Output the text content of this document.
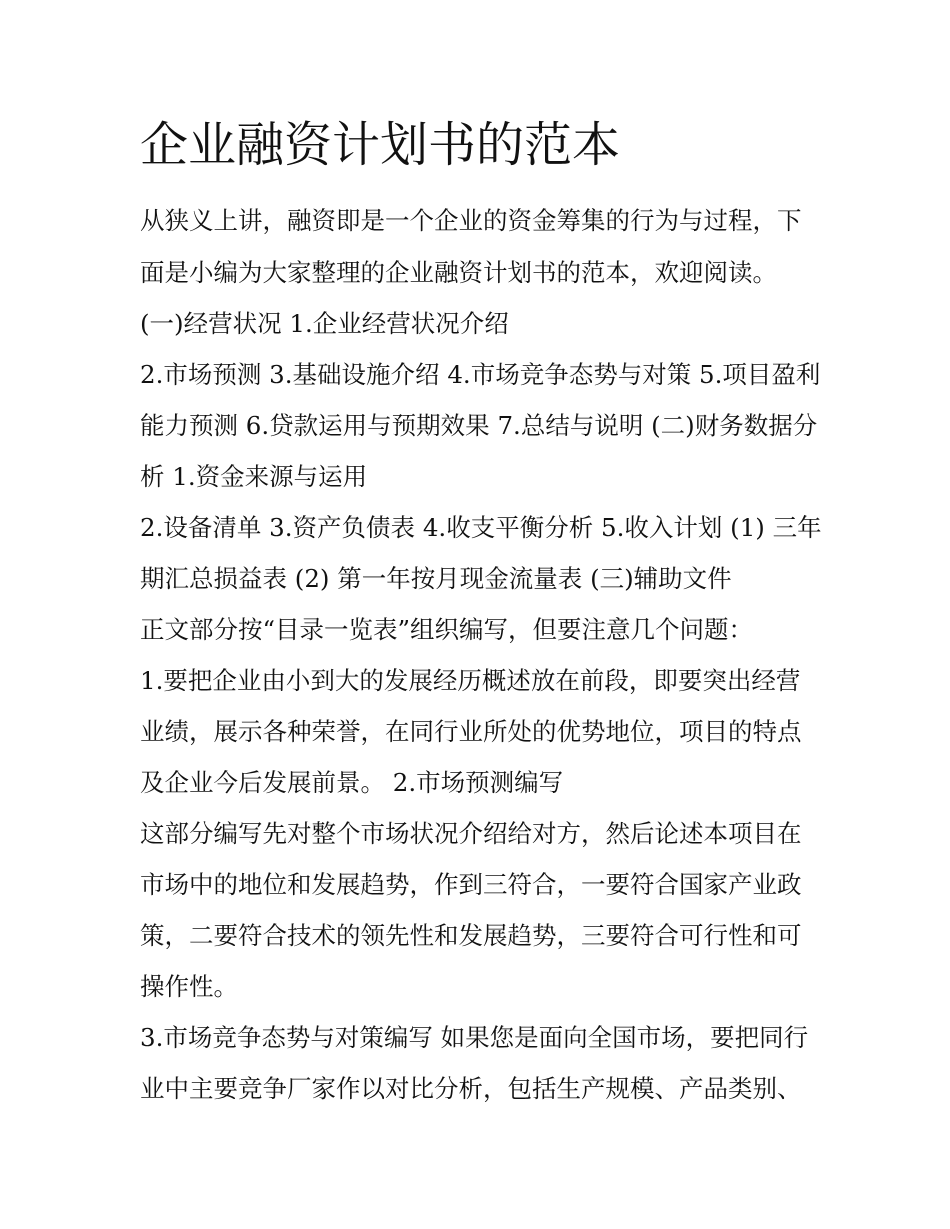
企业融资计划书的范本

从狭义上讲，融资即是一个企业的资金筹集的行为与过程，下

面是小编为大家整理的企业融资计划书的范本，欢迎阅读。

(一)经营状况 1.企业经营状况介绍

2.市场预测 3.基础设施介绍 4.市场竞争态势与对策 5.项目盈利

能力预测 6.贷款运用与预期效果 7.总结与说明 (二)财务数据分

析 1.资金来源与运用

2.设备清单 3.资产负债表 4.收支平衡分析 5.收入计划 (1) 三年

期汇总损益表 (2) 第一年按月现金流量表 (三)辅助文件

正文部分按“目录一览表”组织编写，但要注意几个问题：

1.要把企业由小到大的发展经历概述放在前段，即要突出经营

业绩，展示各种荣誉，在同行业所处的优势地位，项目的特点

及企业今后发展前景。 2.市场预测编写

这部分编写先对整个市场状况介绍给对方，然后论述本项目在

市场中的地位和发展趋势，作到三符合，一要符合国家产业政

策，二要符合技术的领先性和发展趋势，三要符合可行性和可

操作性。

3.市场竞争态势与对策编写 如果您是面向全国市场，要把同行

业中主要竞争厂家作以对比分析，包括生产规模、产品类别、
